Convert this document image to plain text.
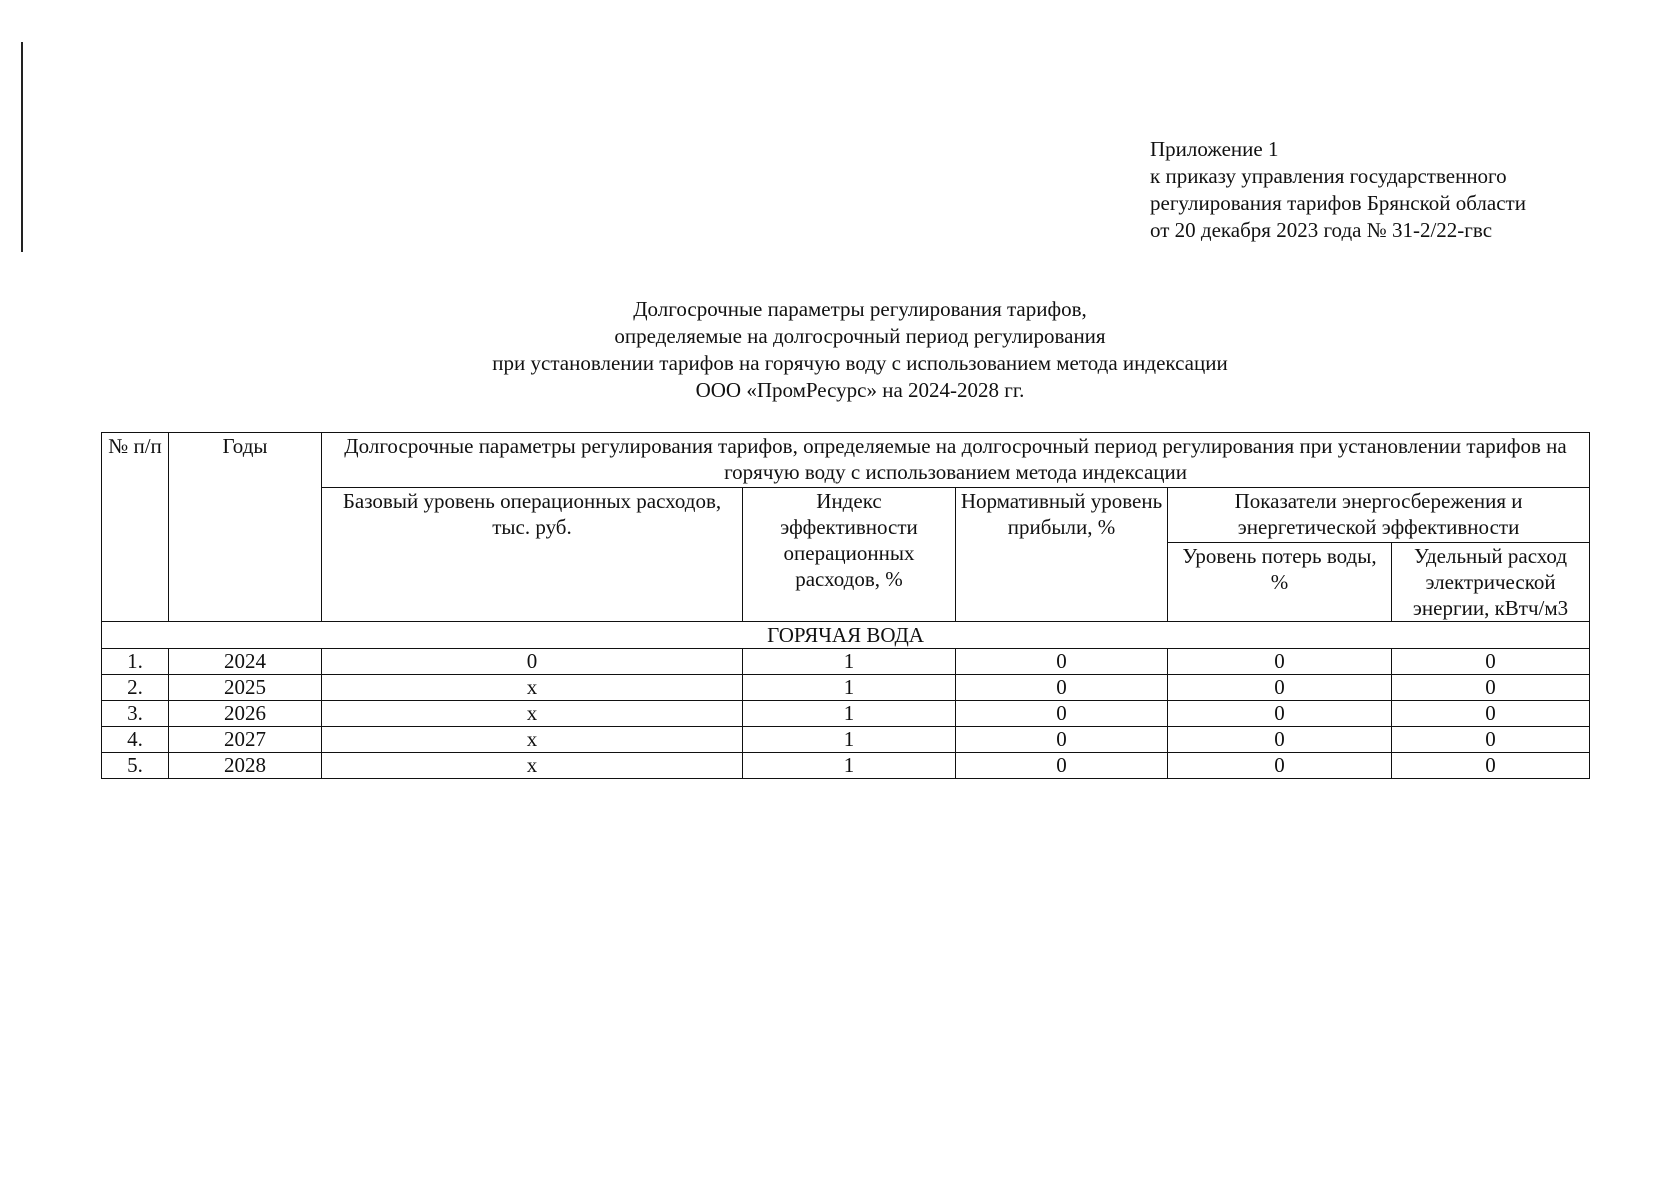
Приложение 1
к приказу управления государственного
регулирования тарифов Брянской области
от 20 декабря 2023 года № 31-2/22-гвс
Долгосрочные параметры регулирования тарифов,
определяемые на долгосрочный период регулирования
при установлении тарифов на горячую воду с использованием метода индексации
ООО «ПромРесурс» на 2024-2028 гг.
№ п/п	Годы	Долгосрочные параметры регулирования тарифов, определяемые на долгосрочный период регулирования при установлении тарифов на горячую воду с использованием метода индексации				
		Базовый уровень операционных расходов, тыс. руб.	Индекс эффективности операционных расходов, %	Нормативный уровень прибыли, %	Показатели энергосбережения и энергетической эффективности	
					Уровень потерь воды, %	Удельный расход электрической энергии, кВтч/м3
ГОРЯЧАЯ ВОДА						
1.	2024	0	1	0	0	0
2.	2025	x	1	0	0	0
3.	2026	x	1	0	0	0
4.	2027	x	1	0	0	0
5.	2028	x	1	0	0	0
